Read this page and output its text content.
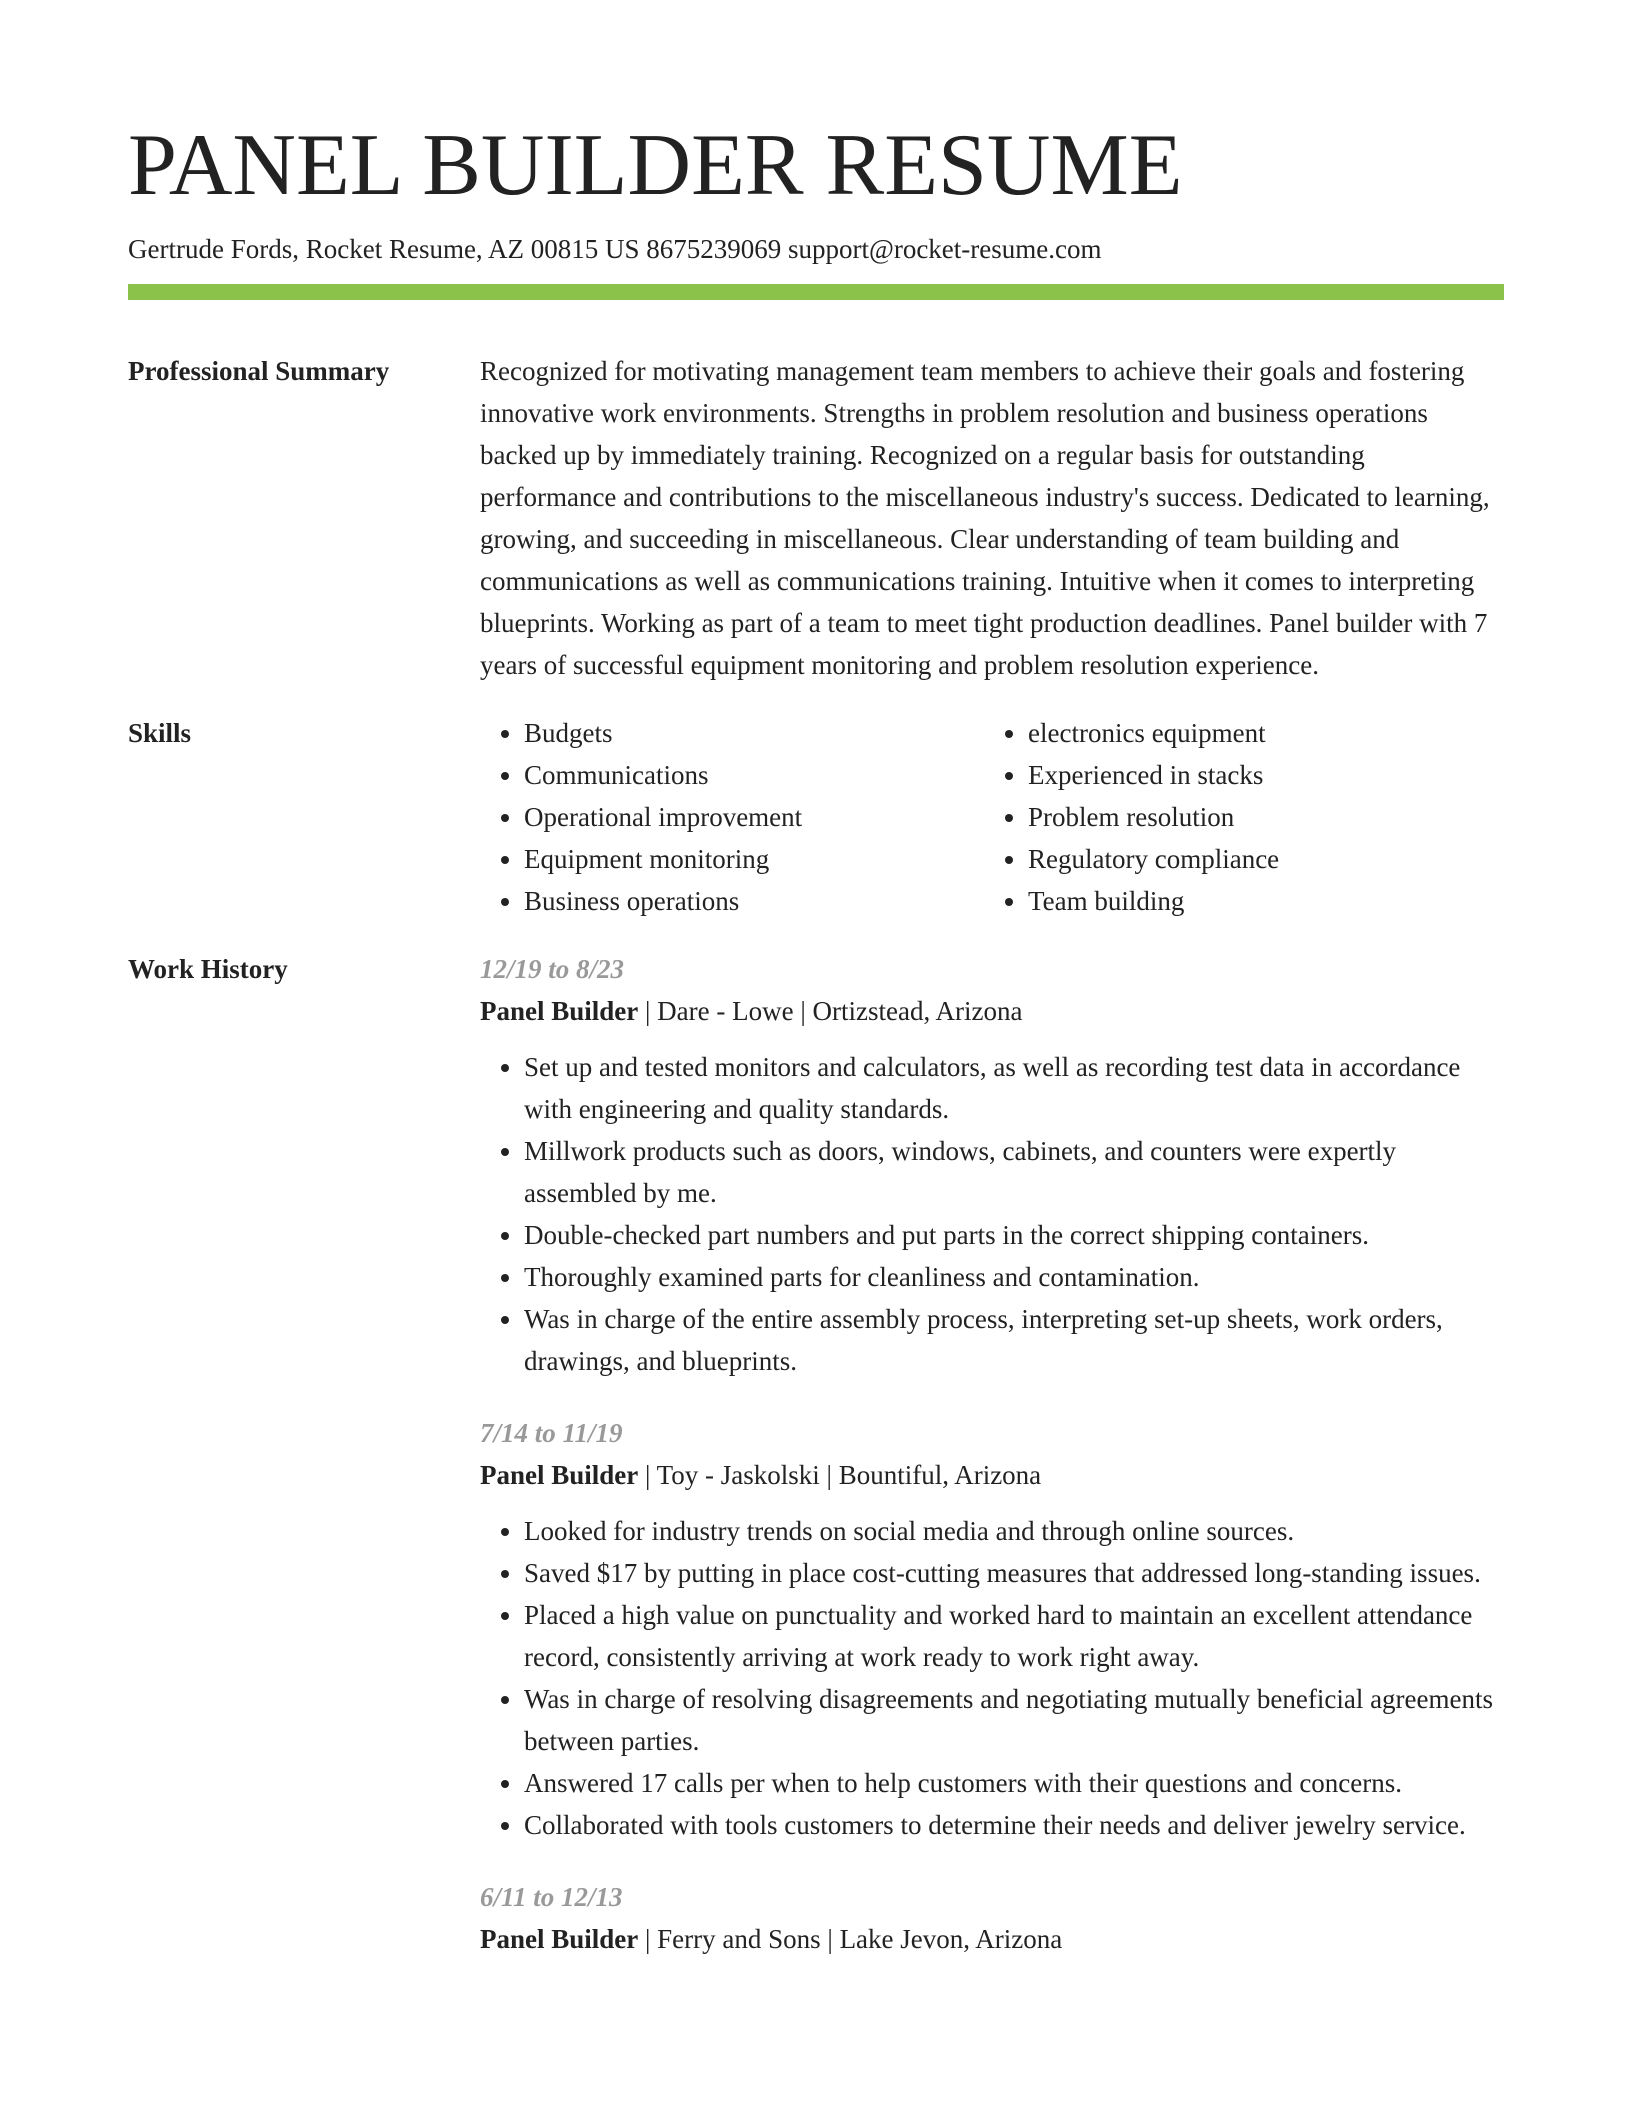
PANEL BUILDER RESUME
Gertrude Fords, Rocket Resume, AZ 00815 US 8675239069 support@rocket-resume.com
Professional Summary	Recognized for motivating management team members to achieve their goals and fostering innovative work environments. Strengths in problem resolution and business operations backed up by immediately training. Recognized on a regular basis for outstanding performance and contributions to the miscellaneous industry's success. Dedicated to learning, growing, and succeeding in miscellaneous. Clear understanding of team building and communications as well as communications training. Intuitive when it comes to interpreting blueprints. Working as part of a team to meet tight production deadlines. Panel builder with 7 years of successful equipment monitoring and problem resolution experience.

Skills
•	Budgets
• Communications
• Operational improvement
• Equipment monitoring
• Business operations
• electronics equipment
• Experienced in stacks
• Problem resolution
• Regulatory compliance
• Team building
Work History	12/19 to 8/23
Panel Builder | Dare - Lowe | Ortizstead, Arizona
• Set up and tested monitors and calculators, as well as recording test data in accordance with engineering and quality standards.
• Millwork products such as doors, windows, cabinets, and counters were expertly assembled by me.
• Double-checked part numbers and put parts in the correct shipping containers.
• Thoroughly examined parts for cleanliness and contamination.
• Was in charge of the entire assembly process, interpreting set-up sheets, work orders, drawings, and blueprints.
7/14 to 11/19
Panel Builder | Toy - Jaskolski | Bountiful, Arizona
• Looked for industry trends on social media and through online sources.
• Saved $17 by putting in place cost-cutting measures that addressed long-standing issues.
• Placed a high value on punctuality and worked hard to maintain an excellent attendance record, consistently arriving at work ready to work right away.
• Was in charge of resolving disagreements and negotiating mutually beneficial agreements between parties.
• Answered 17 calls per when to help customers with their questions and concerns.
• Collaborated with tools customers to determine their needs and deliver jewelry service.
6/11 to 12/13
Panel Builder | Ferry and Sons | Lake Jevon, Arizona
